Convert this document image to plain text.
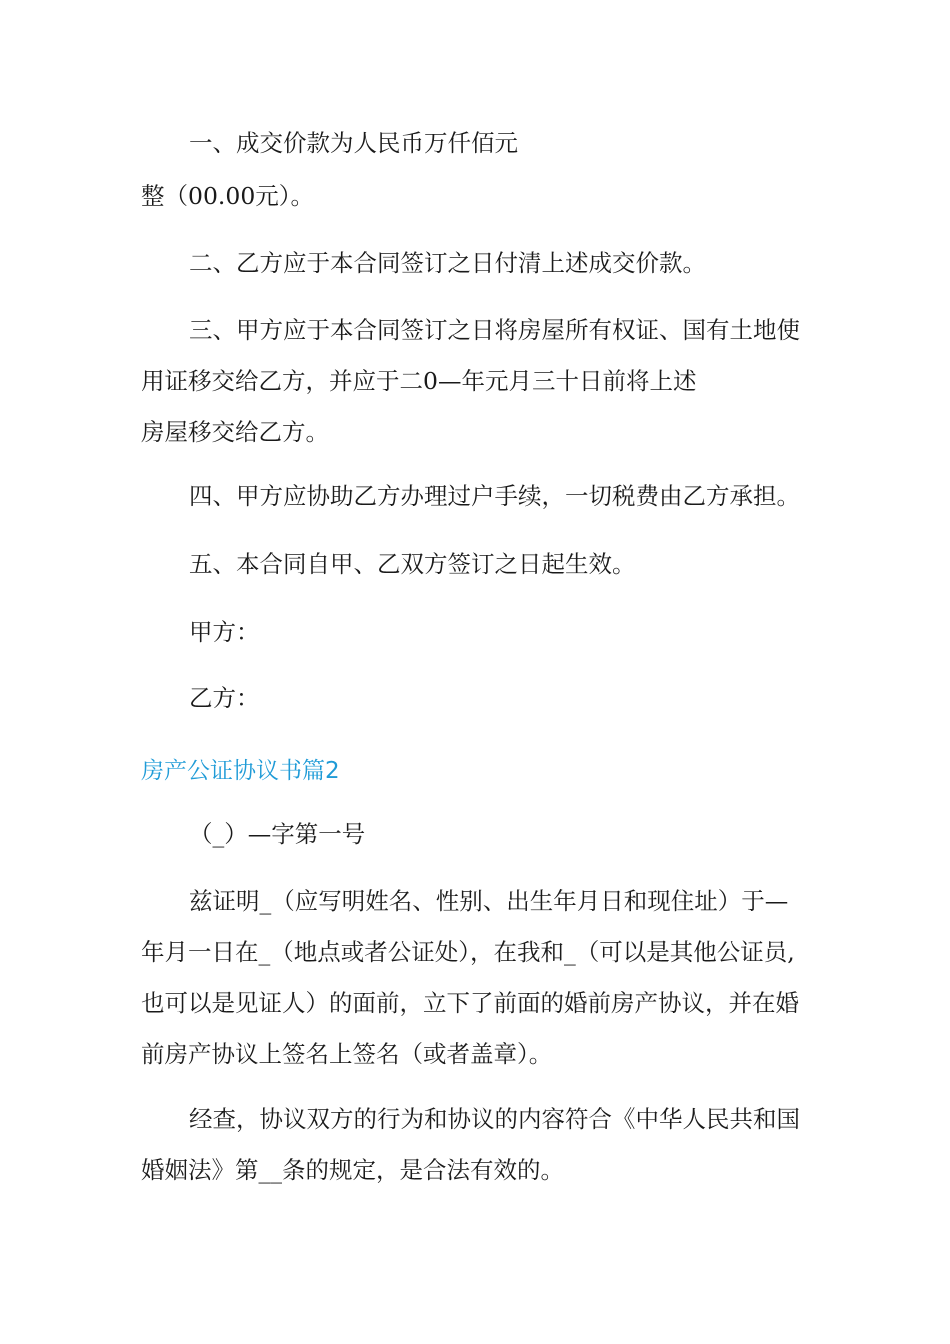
一、成交价款为人民币万仟佰元
整（00.00元）。
二、乙方应于本合同签订之日付清上述成交价款。
三、甲方应于本合同签订之日将房屋所有权证、国有土地使
用证移交给乙方，并应于二0—年元月三十日前将上述
房屋移交给乙方。
四、甲方应协助乙方办理过户手续，一切税费由乙方承担。
五、本合同自甲、乙双方签订之日起生效。
甲方：
乙方：
房产公证协议书篇2
（_）—字第一号
兹证明_（应写明姓名、性别、出生年月日和现住址）于—
年月一日在_（地点或者公证处），在我和_（可以是其他公证员,
也可以是见证人）的面前，立下了前面的婚前房产协议，并在婚
前房产协议上签名上签名（或者盖章）。
经查，协议双方的行为和协议的内容符合《中华人民共和国
婚姻法》第__条的规定，是合法有效的。
